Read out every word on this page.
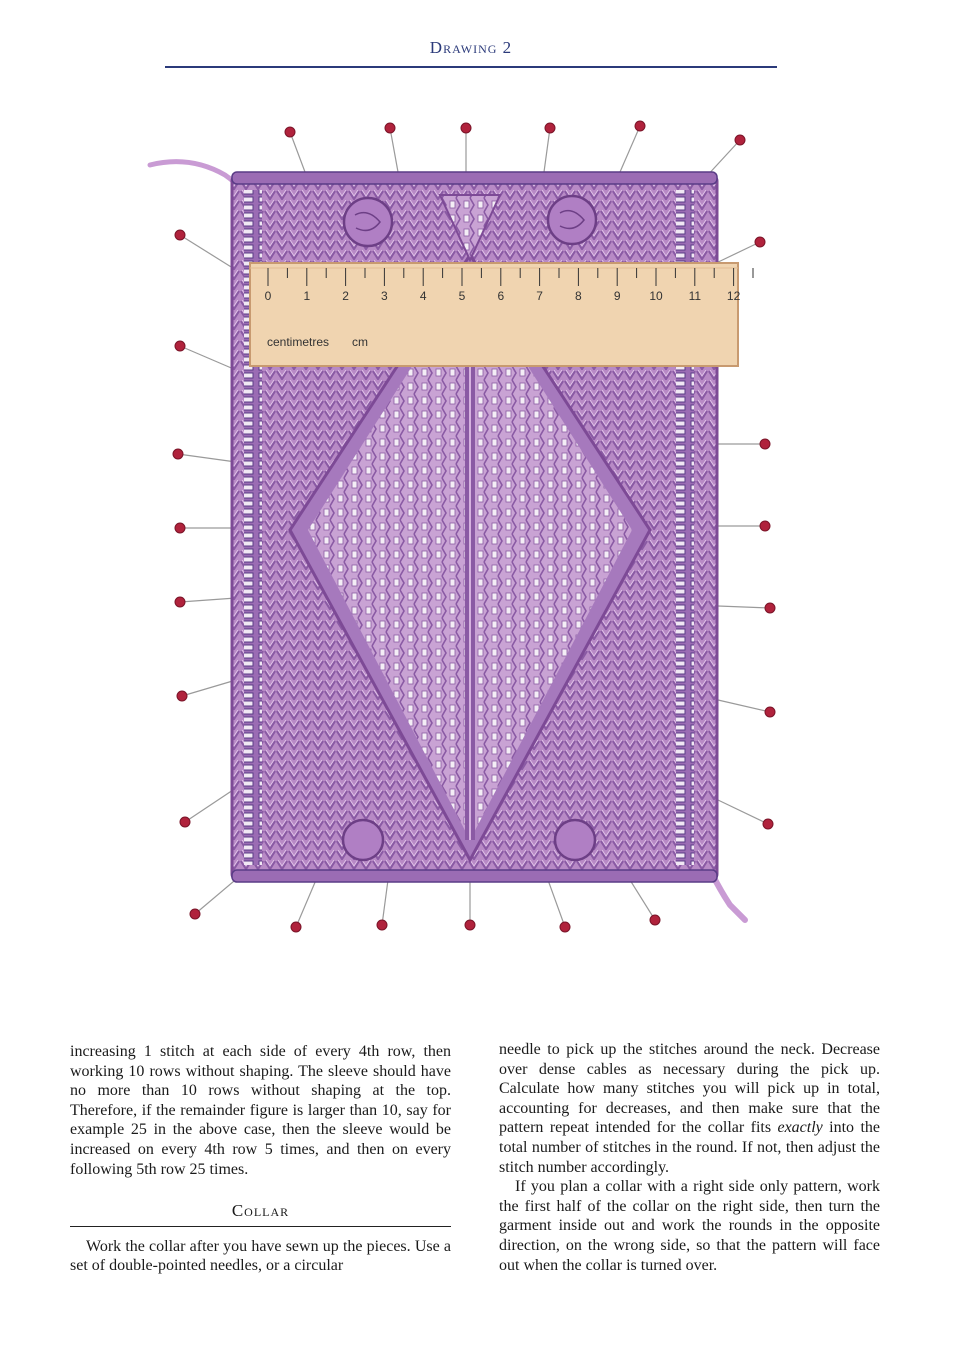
Drawing 2
0	1	2	3	4	5	6	7	8	9 10 11 12
centimetres cm

increasing 1 stitch at each side of every 4th row, then working 10 rows without shaping. The sleeve should have no more than 10 rows without shaping at the top. Therefore, if the remainder figure is larger than 10, say for example 25 in the above case, then the sleeve would be increased on every 4th row 5 times, and then on every following 5th row 25 times.

Collar

Work the collar after you have sewn up the pieces. Use a set of double-pointed needles, or a circular

needle to pick up the stitches around the neck. Decrease over dense cables as necessary during the pick up. Calculate how many stitches you will pick up in total, accounting for decreases, and then make sure that the pattern repeat intended for the collar fits exactly into the total number of stitches in the round. If not, then adjust the stitch number accordingly.

If you plan a collar with a right side only pattern, work the first half of the collar on the right side, then turn the garment inside out and work the rounds in the opposite direction, on the wrong side, so that the pattern will face out when the collar is turned over.
